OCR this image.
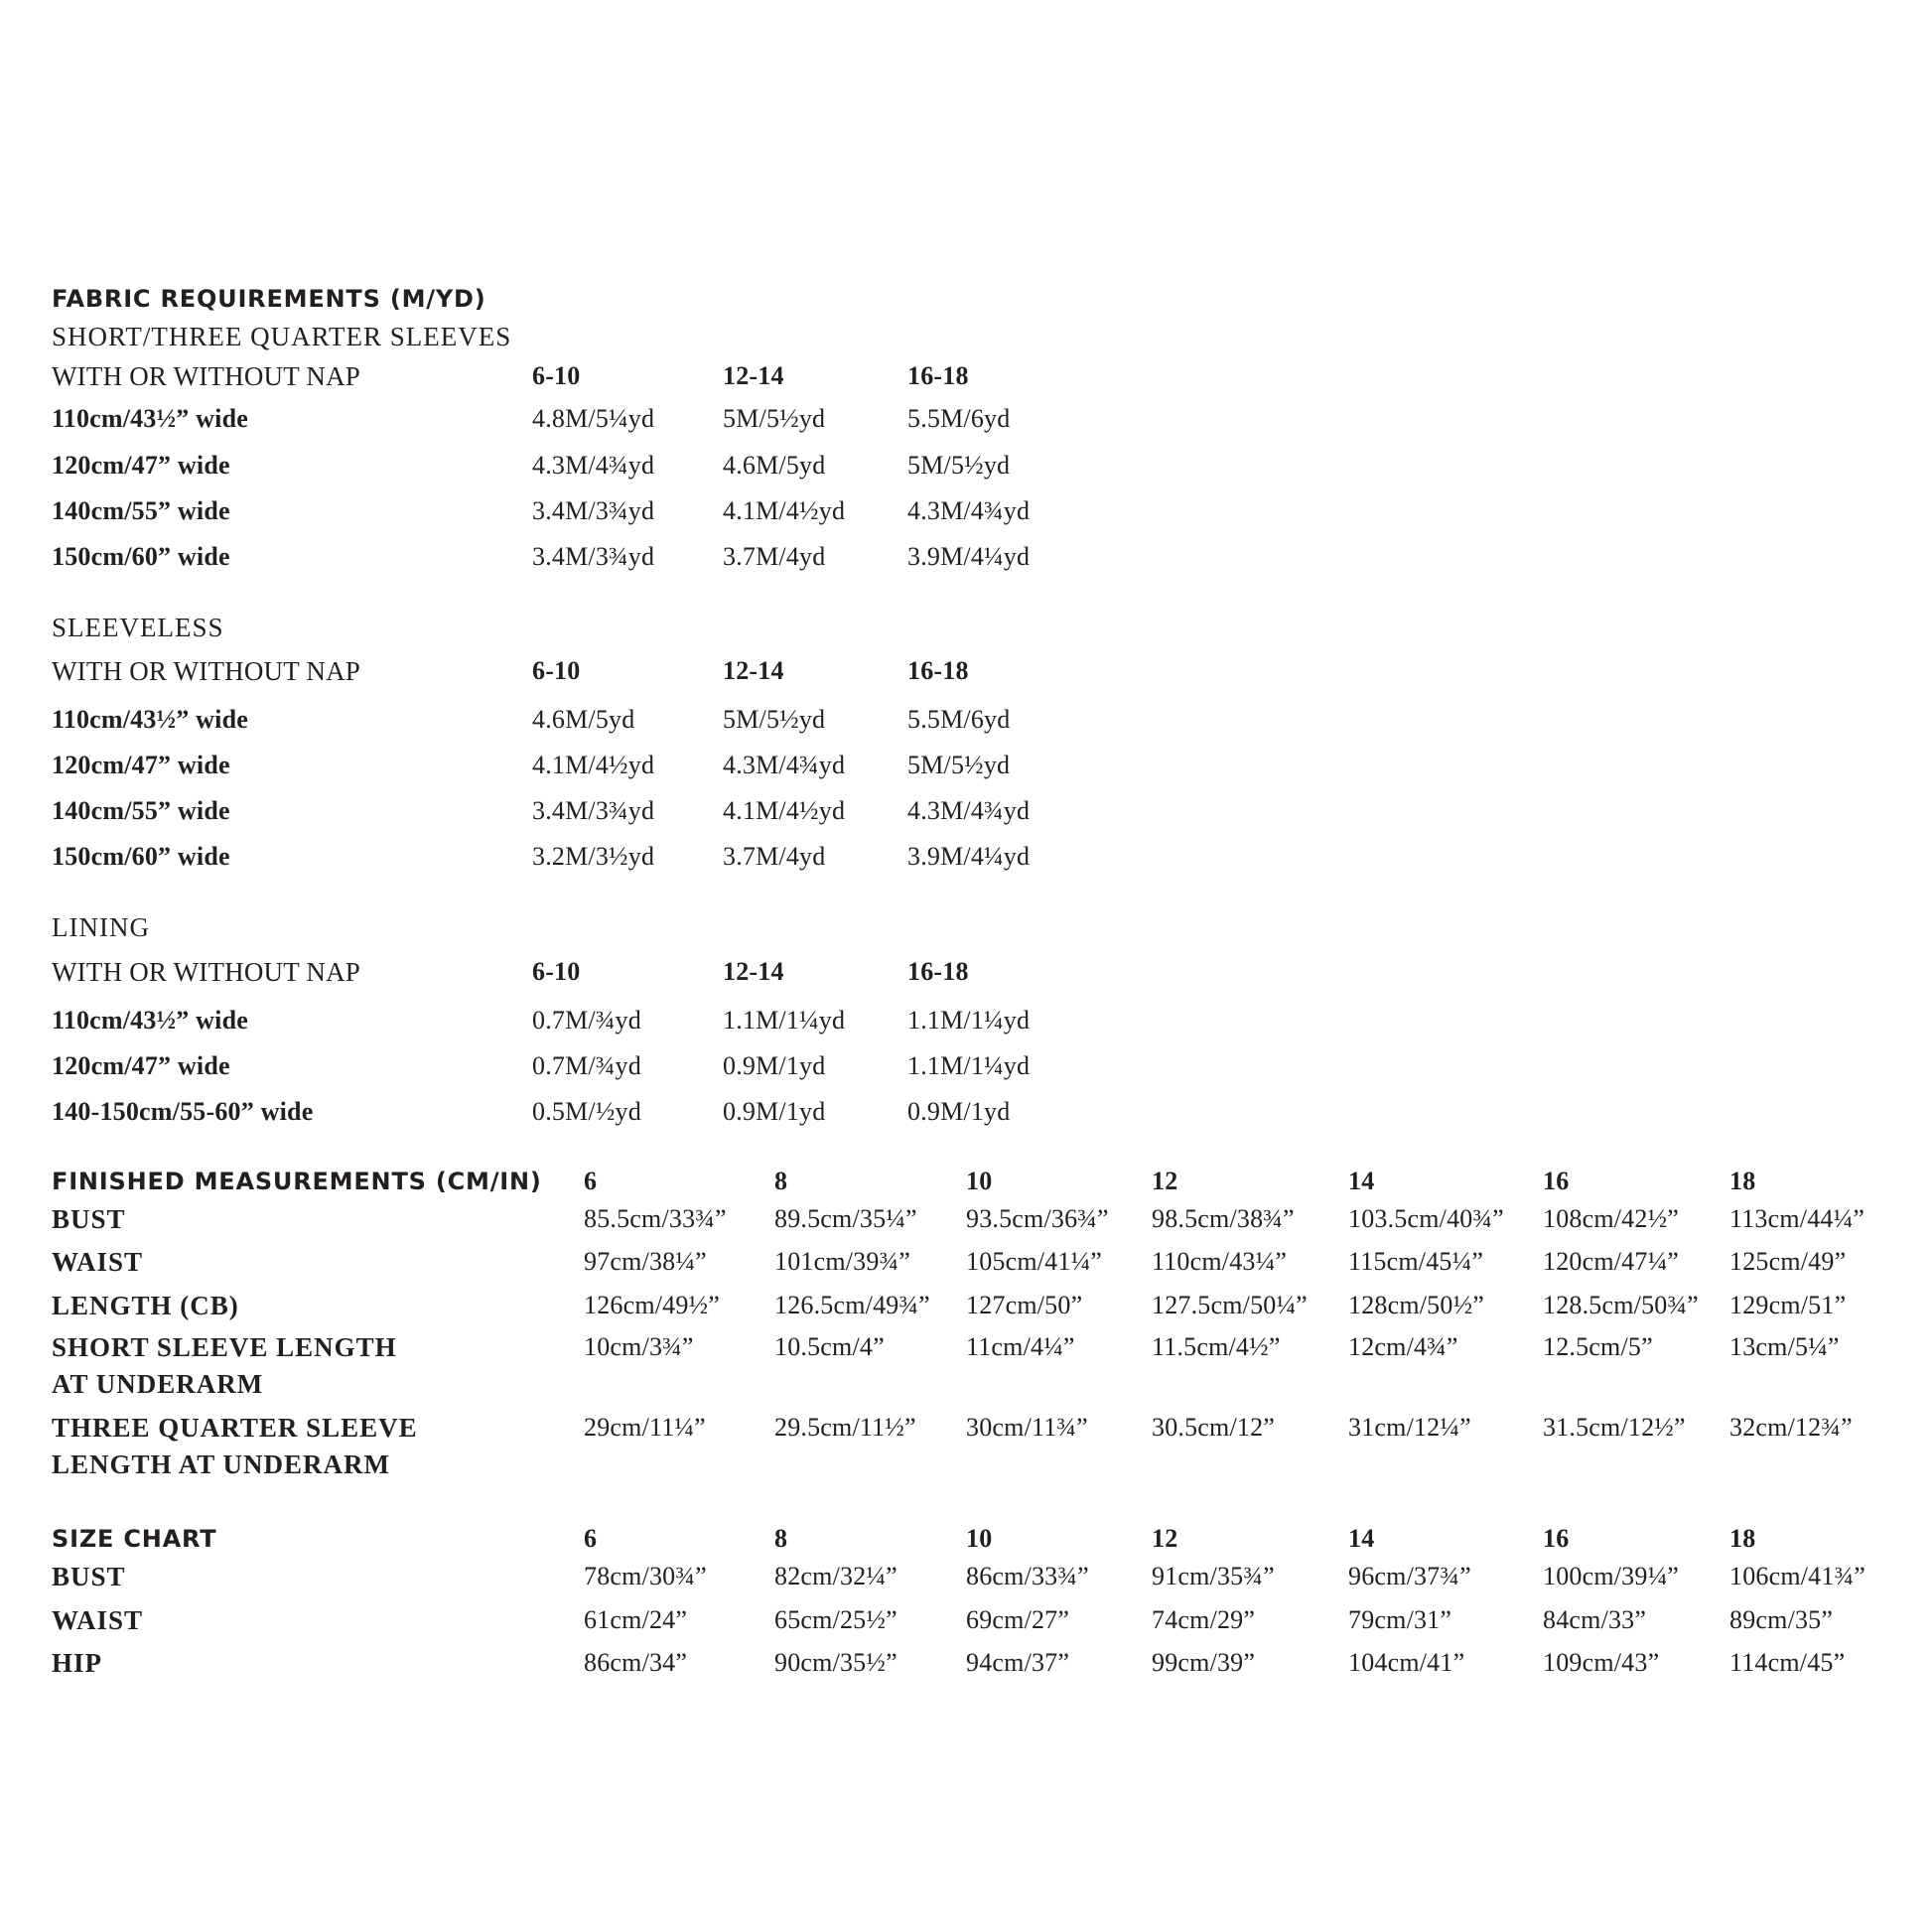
FABRIC REQUIREMENTS (M/YD)
SHORT/THREE QUARTER SLEEVES
WITH OR WITHOUT NAP	6-10	12-14	16-18
110cm/43½” wide	4.8M/5¼yd	5M/5½yd	5.5M/6yd
120cm/47” wide	4.3M/4¾yd	4.6M/5yd	5M/5½yd
140cm/55” wide	3.4M/3¾yd	4.1M/4½yd 4.3M/4¾yd
150cm/60” wide	3.4M/3¾yd	3.7M/4yd	3.9M/4¼yd
SLEEVELESS
WITH OR WITHOUT NAP	6-10	12-14	16-18
110cm/43½” wide	4.6M/5yd	5M/5½yd	5.5M/6yd
120cm/47” wide	4.1M/4½yd	4.3M/4¾yd 5M/5½yd
140cm/55” wide	3.4M/3¾yd	4.1M/4½yd 4.3M/4¾yd
150cm/60” wide	3.2M/3½yd	3.7M/4yd	3.9M/4¼yd
LINING
WITH OR WITHOUT NAP	6-10	12-14	16-18
110cm/43½” wide	0.7M/¾yd	1.1M/1¼yd 1.1M/1¼yd
120cm/47” wide	0.7M/¾yd	0.9M/1yd	1.1M/1¼yd
140-150cm/55-60” wide	0.5M/½yd	0.9M/1yd	0.9M/1yd
FINISHED MEASUREMENTS (CM/IN) 6	8	10	12	14	16	18
BUST	85.5cm/33¾” 89.5cm/35¼” 93.5cm/36¾” 98.5cm/38¾” 103.5cm/40¾” 108cm/42½” 113cm/44¼”
WAIST	97cm/38¼”	101cm/39¾” 105cm/41¼” 110cm/43¼” 115cm/45¼” 120cm/47¼” 125cm/49”
LENGTH (CB)	126cm/49½” 126.5cm/49¾” 127cm/50”	127.5cm/50¼” 128cm/50½” 128.5cm/50¾” 129cm/51”
SHORT SLEEVE LENGTH
AT UNDERARM
10cm/3¾”	10.5cm/4”	11cm/4¼”	11.5cm/4½”	12cm/4¾”	12.5cm/5”	13cm/5¼”
THREE QUARTER SLEEVE
LENGTH AT UNDERARM
29cm/11¼”	29.5cm/11½” 30cm/11¾” 30.5cm/12”	31cm/12¼”	31.5cm/12½” 32cm/12¾”
SIZE CHART	6	8	10	12	14	16	18
BUST	78cm/30¾”	82cm/32¼”	86cm/33¾” 91cm/35¾”	96cm/37¾”	100cm/39¼” 106cm/41¾”
WAIST	61cm/24”	65cm/25½”	69cm/27”	74cm/29”	79cm/31”	84cm/33”	89cm/35”
HIP	86cm/34”	90cm/35½”	94cm/37”	99cm/39”	104cm/41”	109cm/43”	114cm/45”
